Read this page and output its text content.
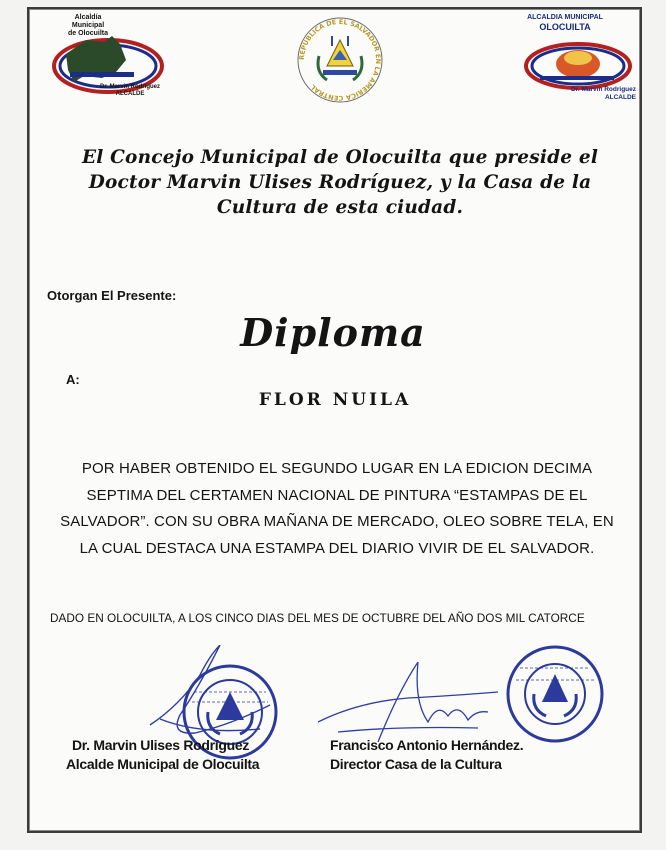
Alcaldía Municipal
de Olocuilta
Dr. Marvin Rodríguez
ALCALDE
REPUBLICA DE EL SALVADOR EN LA AMERICA CENTRAL
ALCALDIA MUNICIPAL
OLOCUILTA
Dr. Marvin Rodriguez
ALCALDE
El Concejo Municipal de Olocuilta que preside el Doctor Marvin Ulises Rodríguez, y la Casa de la Cultura de esta ciudad.
Otorgan El Presente:
Diploma
A:
FLOR NUILA
POR HABER OBTENIDO EL SEGUNDO LUGAR EN LA EDICION DECIMA
SEPTIMA DEL CERTAMEN NACIONAL DE PINTURA “ESTAMPAS DE EL
SALVADOR”. CON SU OBRA MAÑANA DE MERCADO, OLEO SOBRE TELA, EN
LA CUAL DESTACA UNA ESTAMPA DEL DIARIO VIVIR DE EL SALVADOR.
DADO EN OLOCUILTA, A LOS CINCO DIAS DEL MES DE OCTUBRE DEL AÑO DOS MIL CATORCE
Dr. Marvin Ulises Rodríguez
Alcalde Municipal de Olocuilta
Francisco Antonio Hernández.
Director Casa de la Cultura
